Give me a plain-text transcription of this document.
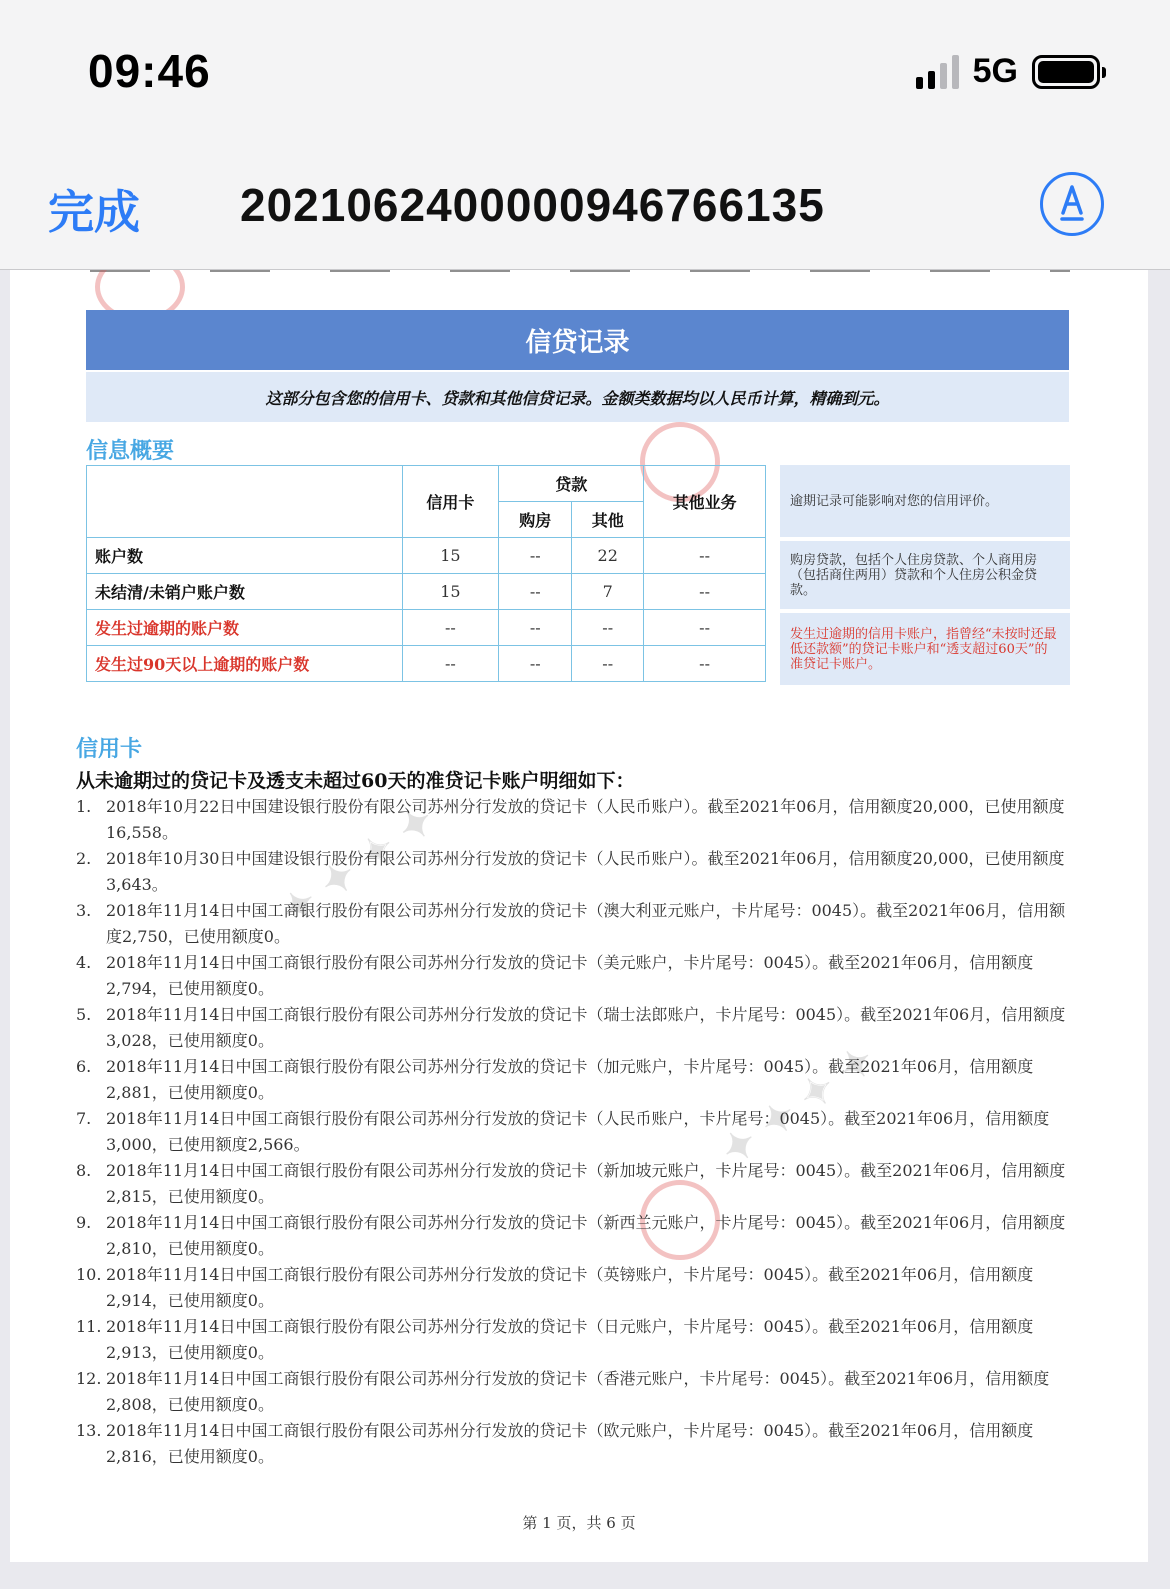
09:46	5G
完成 2021062400000946766135
✦ ✦ ✦ ✦
✦ ✦ ✦ ✦
信贷记录
这部分包含您的信用卡、贷款和其他信贷记录。金额类数据均以人民币计算，精确到元。
信息概要
	信用卡	贷款		其他业务
		购房	其他	
账户数	15	--	22	--
未结清/未销户账户数	15	--	7	--
发生过逾期的账户数	--	--	--	--
发生过90天以上逾期的账户数	--	--	--	--
逾期记录可能影响对您的信用评价。
购房贷款，包括个人住房贷款、个人商用房（包括商住两用）贷款和个人住房公积金贷款。
发生过逾期的信用卡账户，指曾经“未按时还最低还款额”的贷记卡账户和“透支超过60天”的准贷记卡账户。
信用卡
从未逾期过的贷记卡及透支未超过60天的准贷记卡账户明细如下：
1. 2018年10月22日中国建设银行股份有限公司苏州分行发放的贷记卡（人民币账户）。截至2021年06月，信用额度20,000，已使用额度16,558。
2. 2018年10月30日中国建设银行股份有限公司苏州分行发放的贷记卡（人民币账户）。截至2021年06月，信用额度20,000，已使用额度3,643。
3. 2018年11月14日中国工商银行股份有限公司苏州分行发放的贷记卡（澳大利亚元账户，卡片尾号：0045）。截至2021年06月，信用额度2,750，已使用额度0。
4. 2018年11月14日中国工商银行股份有限公司苏州分行发放的贷记卡（美元账户，卡片尾号：0045）。截至2021年06月，信用额度2,794，已使用额度0。
5. 2018年11月14日中国工商银行股份有限公司苏州分行发放的贷记卡（瑞士法郎账户，卡片尾号：0045）。截至2021年06月，信用额度3,028，已使用额度0。
6. 2018年11月14日中国工商银行股份有限公司苏州分行发放的贷记卡（加元账户，卡片尾号：0045）。截至2021年06月，信用额度2,881，已使用额度0。
7. 2018年11月14日中国工商银行股份有限公司苏州分行发放的贷记卡（人民币账户，卡片尾号：0045）。截至2021年06月，信用额度3,000，已使用额度2,566。
8. 2018年11月14日中国工商银行股份有限公司苏州分行发放的贷记卡（新加坡元账户，卡片尾号：0045）。截至2021年06月，信用额度2,815，已使用额度0。
9. 2018年11月14日中国工商银行股份有限公司苏州分行发放的贷记卡（新西兰元账户，卡片尾号：0045）。截至2021年06月，信用额度2,810，已使用额度0。
10. 2018年11月14日中国工商银行股份有限公司苏州分行发放的贷记卡（英镑账户，卡片尾号：0045）。截至2021年06月，信用额度2,914，已使用额度0。
11. 2018年11月14日中国工商银行股份有限公司苏州分行发放的贷记卡（日元账户，卡片尾号：0045）。截至2021年06月，信用额度2,913，已使用额度0。
12. 2018年11月14日中国工商银行股份有限公司苏州分行发放的贷记卡（香港元账户，卡片尾号：0045）。截至2021年06月，信用额度2,808，已使用额度0。
13. 2018年11月14日中国工商银行股份有限公司苏州分行发放的贷记卡（欧元账户，卡片尾号：0045）。截至2021年06月，信用额度2,816，已使用额度0。
第 1 页，共 6 页
